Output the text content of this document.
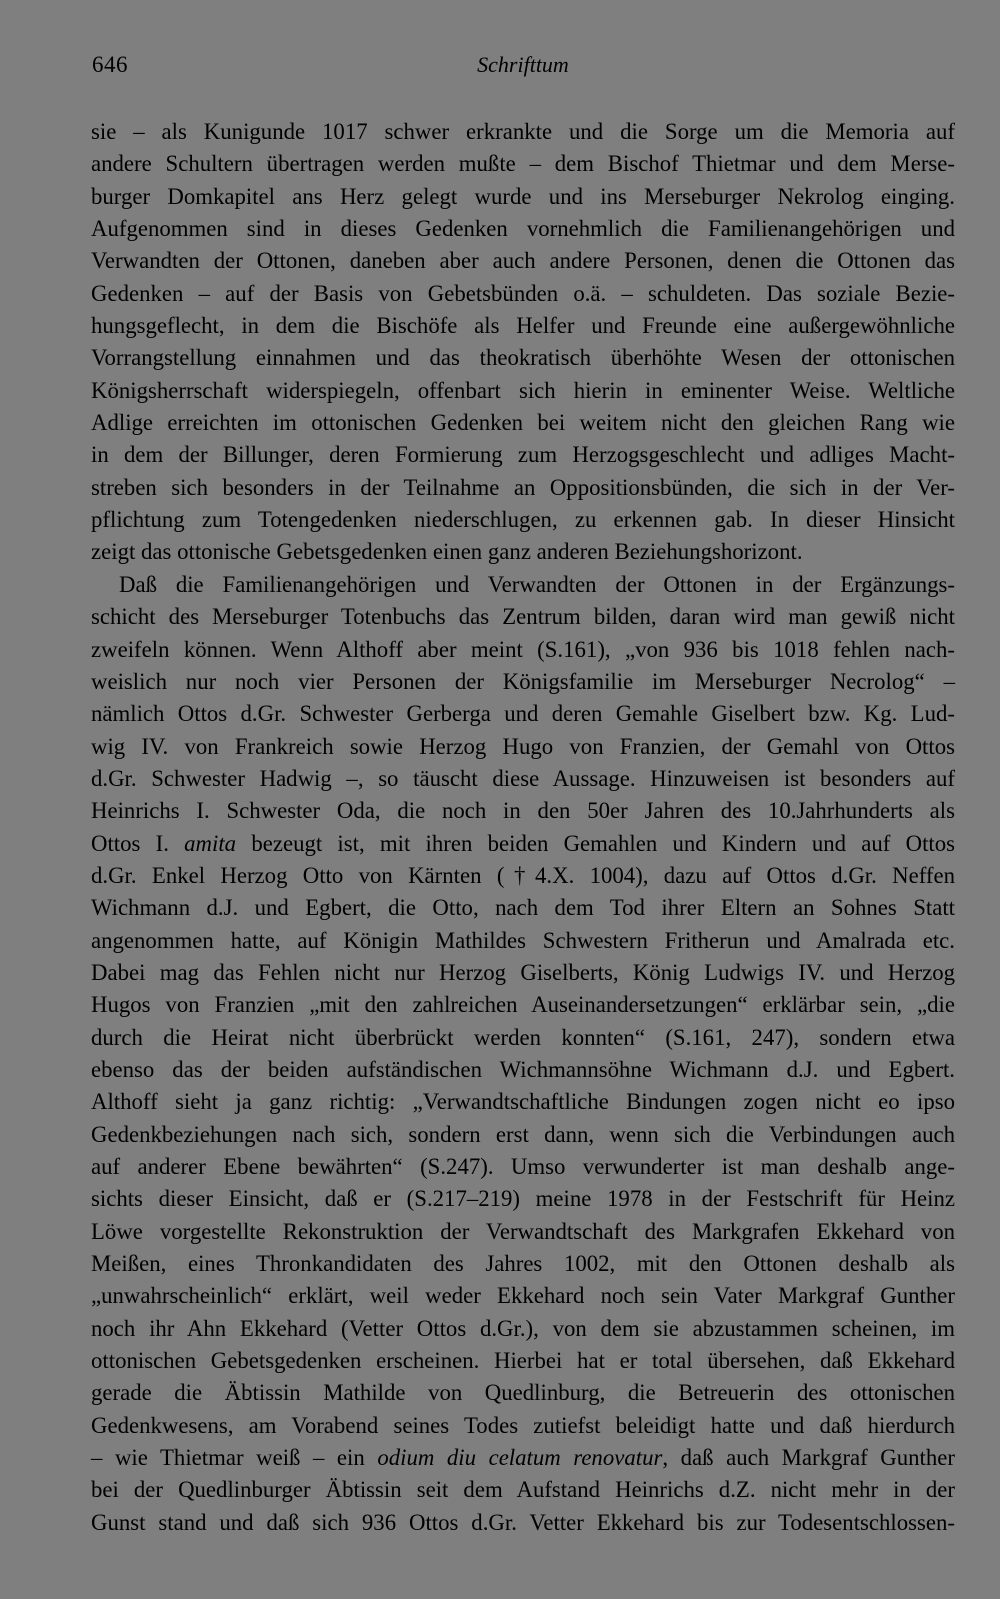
646	Schrifttum
sie – als Kunigunde 1017 schwer erkrankte und die Sorge um die Memoria auf
andere Schultern übertragen werden mußte – dem Bischof Thietmar und dem Merse-
burger Domkapitel ans Herz gelegt wurde und ins Merseburger Nekrolog einging.
Aufgenommen sind in dieses Gedenken vornehmlich die Familienangehörigen und
Verwandten der Ottonen, daneben aber auch andere Personen, denen die Ottonen das
Gedenken – auf der Basis von Gebetsbünden o.ä. – schuldeten. Das soziale Bezie-
hungsgeflecht, in dem die Bischöfe als Helfer und Freunde eine außergewöhnliche
Vorrangstellung einnahmen und das theokratisch überhöhte Wesen der ottonischen
Königsherrschaft widerspiegeln, offenbart sich hierin in eminenter Weise. Weltliche
Adlige erreichten im ottonischen Gedenken bei weitem nicht den gleichen Rang wie
in dem der Billunger, deren Formierung zum Herzogsgeschlecht und adliges Macht-
streben sich besonders in der Teilnahme an Oppositionsbünden, die sich in der Ver-
pflichtung zum Totengedenken niederschlugen, zu erkennen gab. In dieser Hinsicht
zeigt das ottonische Gebetsgedenken einen ganz anderen Beziehungshorizont.
Daß die Familienangehörigen und Verwandten der Ottonen in der Ergänzungs-
schicht des Merseburger Totenbuchs das Zentrum bilden, daran wird man gewiß nicht
zweifeln können. Wenn Althoff aber meint (S.161), „von 936 bis 1018 fehlen nach-
weislich nur noch vier Personen der Königsfamilie im Merseburger Necrolog“ –
nämlich Ottos d.Gr. Schwester Gerberga und deren Gemahle Giselbert bzw. Kg. Lud-
wig IV. von Frankreich sowie Herzog Hugo von Franzien, der Gemahl von Ottos
d.Gr. Schwester Hadwig –, so täuscht diese Aussage. Hinzuweisen ist besonders auf
Heinrichs I. Schwester Oda, die noch in den 50er Jahren des 10.Jahrhunderts als
Ottos I. amita bezeugt ist, mit ihren beiden Gemahlen und Kindern und auf Ottos
d.Gr. Enkel Herzog Otto von Kärnten (†4.X. 1004), dazu auf Ottos d.Gr. Neffen
Wichmann d.J. und Egbert, die Otto, nach dem Tod ihrer Eltern an Sohnes Statt
angenommen hatte, auf Königin Mathildes Schwestern Fritherun und Amalrada etc.
Dabei mag das Fehlen nicht nur Herzog Giselberts, König Ludwigs IV. und Herzog
Hugos von Franzien „mit den zahlreichen Auseinandersetzungen“ erklärbar sein, „die
durch die Heirat nicht überbrückt werden konnten“ (S.161, 247), sondern etwa
ebenso das der beiden aufständischen Wichmannsöhne Wichmann d.J. und Egbert.
Althoff sieht ja ganz richtig: „Verwandtschaftliche Bindungen zogen nicht eo ipso
Gedenkbeziehungen nach sich, sondern erst dann, wenn sich die Verbindungen auch
auf anderer Ebene bewährten“ (S.247). Umso verwunderter ist man deshalb ange-
sichts dieser Einsicht, daß er (S.217–219) meine 1978 in der Festschrift für Heinz
Löwe vorgestellte Rekonstruktion der Verwandtschaft des Markgrafen Ekkehard von
Meißen, eines Thronkandidaten des Jahres 1002, mit den Ottonen deshalb als
„unwahrscheinlich“ erklärt, weil weder Ekkehard noch sein Vater Markgraf Gunther
noch ihr Ahn Ekkehard (Vetter Ottos d.Gr.), von dem sie abzustammen scheinen, im
ottonischen Gebetsgedenken erscheinen. Hierbei hat er total übersehen, daß Ekkehard
gerade die Äbtissin Mathilde von Quedlinburg, die Betreuerin des ottonischen
Gedenkwesens, am Vorabend seines Todes zutiefst beleidigt hatte und daß hierdurch
– wie Thietmar weiß – ein odium diu celatum renovatur, daß auch Markgraf Gunther
bei der Quedlinburger Äbtissin seit dem Aufstand Heinrichs d.Z. nicht mehr in der
Gunst stand und daß sich 936 Ottos d.Gr. Vetter Ekkehard bis zur Todesentschlossen-
